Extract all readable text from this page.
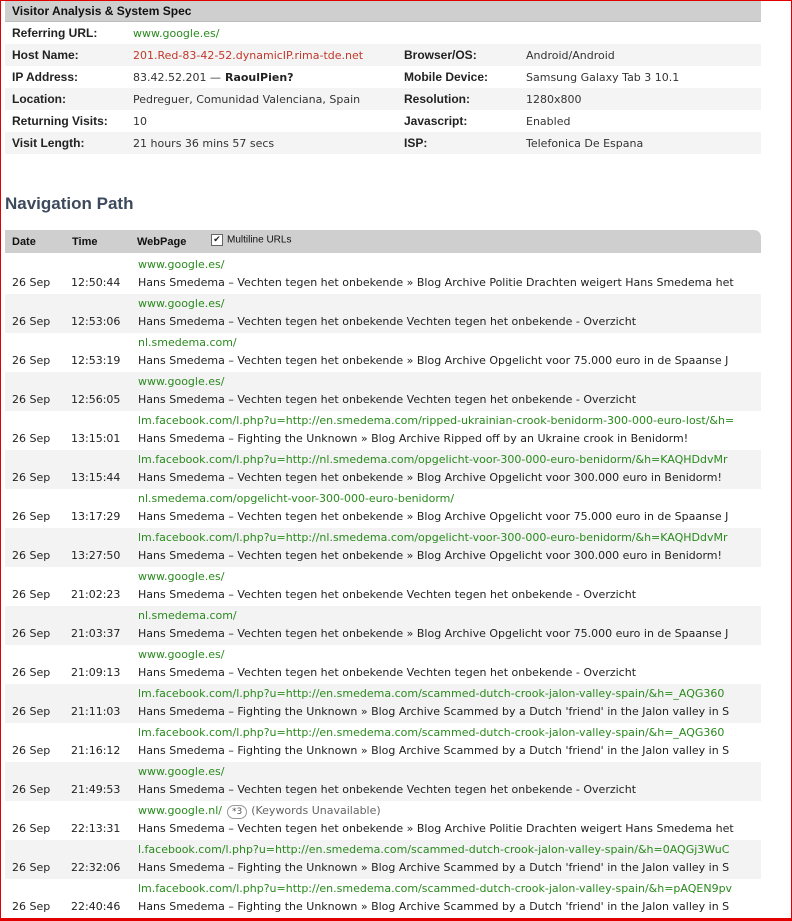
Visitor Analysis & System Spec
Referring URL:	www.google.es/		
Host Name:	201.Red-83-42-52.dynamicIP.rima-tde.net	Browser/OS:	Android/Android
IP Address:	83.42.52.201 — RaoulPien?	Mobile Device:	Samsung Galaxy Tab 3 10.1
Location:	Pedreguer, Comunidad Valenciana, Spain	Resolution:	1280x800
Returning Visits:	10	Javascript:	Enabled
Visit Length:	21 hours 36 mins 57 secs	ISP:	Telefonica De Espana
Navigation Path
Date	Time	WebPage	✔ Multiline URLs
26 Sep 12:50:44
www.google.es/
Hans Smedema – Vechten tegen het onbekende » Blog Archive Politie Drachten weigert Hans Smedema het
26 Sep 12:53:06
www.google.es/
Hans Smedema – Vechten tegen het onbekende Vechten tegen het onbekende - Overzicht
26 Sep 12:53:19
nl.smedema.com/
Hans Smedema – Vechten tegen het onbekende » Blog Archive Opgelicht voor 75.000 euro in de Spaanse J
26 Sep 12:56:05
www.google.es/
Hans Smedema – Vechten tegen het onbekende Vechten tegen het onbekende - Overzicht
26 Sep 13:15:01
lm.facebook.com/l.php?u=http://en.smedema.com/ripped-ukrainian-crook-benidorm-300-000-euro-lost/&h=
Hans Smedema – Fighting the Unknown » Blog Archive Ripped off by an Ukraine crook in Benidorm!
26 Sep 13:15:44
lm.facebook.com/l.php?u=http://nl.smedema.com/opgelicht-voor-300-000-euro-benidorm/&h=KAQHDdvMr
Hans Smedema – Vechten tegen het onbekende » Blog Archive Opgelicht voor 300.000 euro in Benidorm!
26 Sep 13:17:29
nl.smedema.com/opgelicht-voor-300-000-euro-benidorm/
Hans Smedema – Vechten tegen het onbekende » Blog Archive Opgelicht voor 75.000 euro in de Spaanse J
26 Sep 13:27:50
lm.facebook.com/l.php?u=http://nl.smedema.com/opgelicht-voor-300-000-euro-benidorm/&h=KAQHDdvMr
Hans Smedema – Vechten tegen het onbekende » Blog Archive Opgelicht voor 300.000 euro in Benidorm!
26 Sep 21:02:23
www.google.es/
Hans Smedema – Vechten tegen het onbekende Vechten tegen het onbekende - Overzicht
26 Sep 21:03:37
nl.smedema.com/
Hans Smedema – Vechten tegen het onbekende » Blog Archive Opgelicht voor 75.000 euro in de Spaanse J
26 Sep 21:09:13
www.google.es/
Hans Smedema – Vechten tegen het onbekende Vechten tegen het onbekende - Overzicht
26 Sep 21:11:03
lm.facebook.com/l.php?u=http://en.smedema.com/scammed-dutch-crook-jalon-valley-spain/&h=_AQG360
Hans Smedema – Fighting the Unknown » Blog Archive Scammed by a Dutch 'friend' in the Jalon valley in S
26 Sep 21:16:12
lm.facebook.com/l.php?u=http://en.smedema.com/scammed-dutch-crook-jalon-valley-spain/&h=_AQG360
Hans Smedema – Fighting the Unknown » Blog Archive Scammed by a Dutch 'friend' in the Jalon valley in S
26 Sep 21:49:53
www.google.es/
Hans Smedema – Vechten tegen het onbekende Vechten tegen het onbekende - Overzicht
26 Sep 22:13:31
www.google.nl/ *3 (Keywords Unavailable)
Hans Smedema – Vechten tegen het onbekende » Blog Archive Politie Drachten weigert Hans Smedema het
26 Sep 22:32:06
l.facebook.com/l.php?u=http://en.smedema.com/scammed-dutch-crook-jalon-valley-spain/&h=0AQGj3WuC
Hans Smedema – Fighting the Unknown » Blog Archive Scammed by a Dutch 'friend' in the Jalon valley in S
26 Sep 22:40:46
lm.facebook.com/l.php?u=http://en.smedema.com/scammed-dutch-crook-jalon-valley-spain/&h=pAQEN9pv
Hans Smedema – Fighting the Unknown » Blog Archive Scammed by a Dutch 'friend' in the Jalon valley in S
